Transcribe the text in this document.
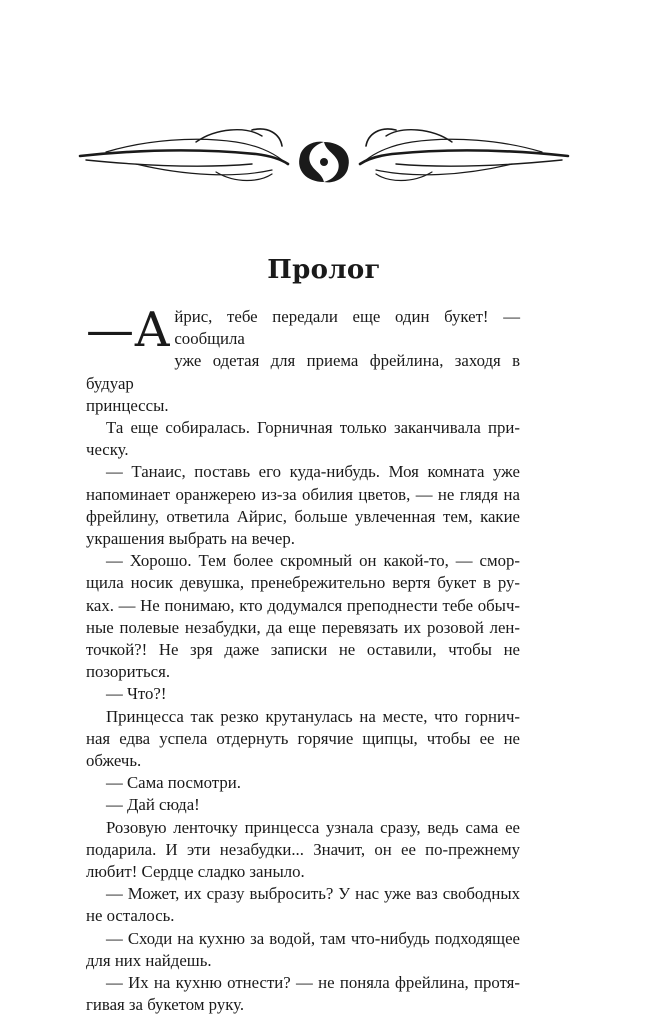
Пролог
—А йрис, тебе передали еще один букет! — сообщила
уже одетая для приема фрейлина, заходя в будуар

принцессы.

Та еще собиралась. Горничная только заканчивала при-
ческу.

— Танаис, поставь его куда-нибудь. Моя комната уже
напоминает оранжерею из-за обилия цветов, — не глядя на
фрейлину, ответила Айрис, больше увлеченная тем, какие
украшения выбрать на вечер.

— Хорошо. Тем более скромный он какой-то, — смор-
щила носик девушка, пренебрежительно вертя букет в ру-
ках. — Не понимаю, кто додумался преподнести тебе обыч-
ные полевые незабудки, да еще перевязать их розовой лен-
точкой?! Не зря даже записки не оставили, чтобы не
позориться.

— Что?!

Принцесса так резко крутанулась на месте, что горнич-
ная едва успела отдернуть горячие щипцы, чтобы ее не
обжечь.

— Сама посмотри.

— Дай сюда!

Розовую ленточку принцесса узнала сразу, ведь сама ее
подарила. И эти незабудки... Значит, он ее по-прежнему
любит! Сердце сладко заныло.

— Может, их сразу выбросить? У нас уже ваз свободных
не осталось.

— Сходи на кухню за водой, там что-нибудь подходящее
для них найдешь.

— Их на кухню отнести? — не поняла фрейлина, протя-
гивая за букетом руку.
